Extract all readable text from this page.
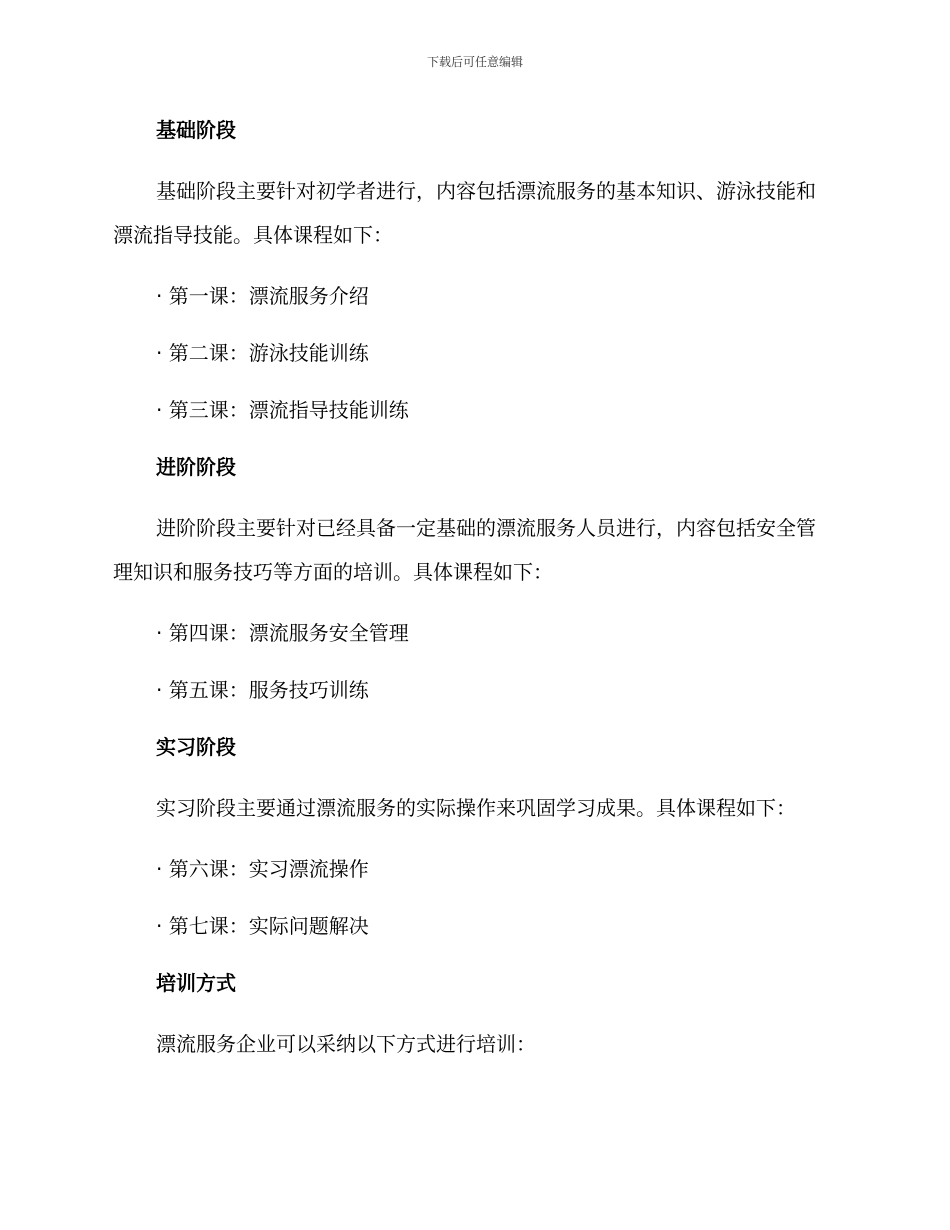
下载后可任意编辑
基础阶段

基础阶段主要针对初学者进行，内容包括漂流服务的基本知识、游泳技能和漂流指导技能。具体课程如下：

· 第一课：漂流服务介绍
· 第二课：游泳技能训练
· 第三课：漂流指导技能训练
进阶阶段

进阶阶段主要针对已经具备一定基础的漂流服务人员进行，内容包括安全管理知识和服务技巧等方面的培训。具体课程如下：

· 第四课：漂流服务安全管理
· 第五课：服务技巧训练
实习阶段

实习阶段主要通过漂流服务的实际操作来巩固学习成果。具体课程如下：

· 第六课：实习漂流操作
· 第七课：实际问题解决
培训方式

漂流服务企业可以采纳以下方式进行培训：
